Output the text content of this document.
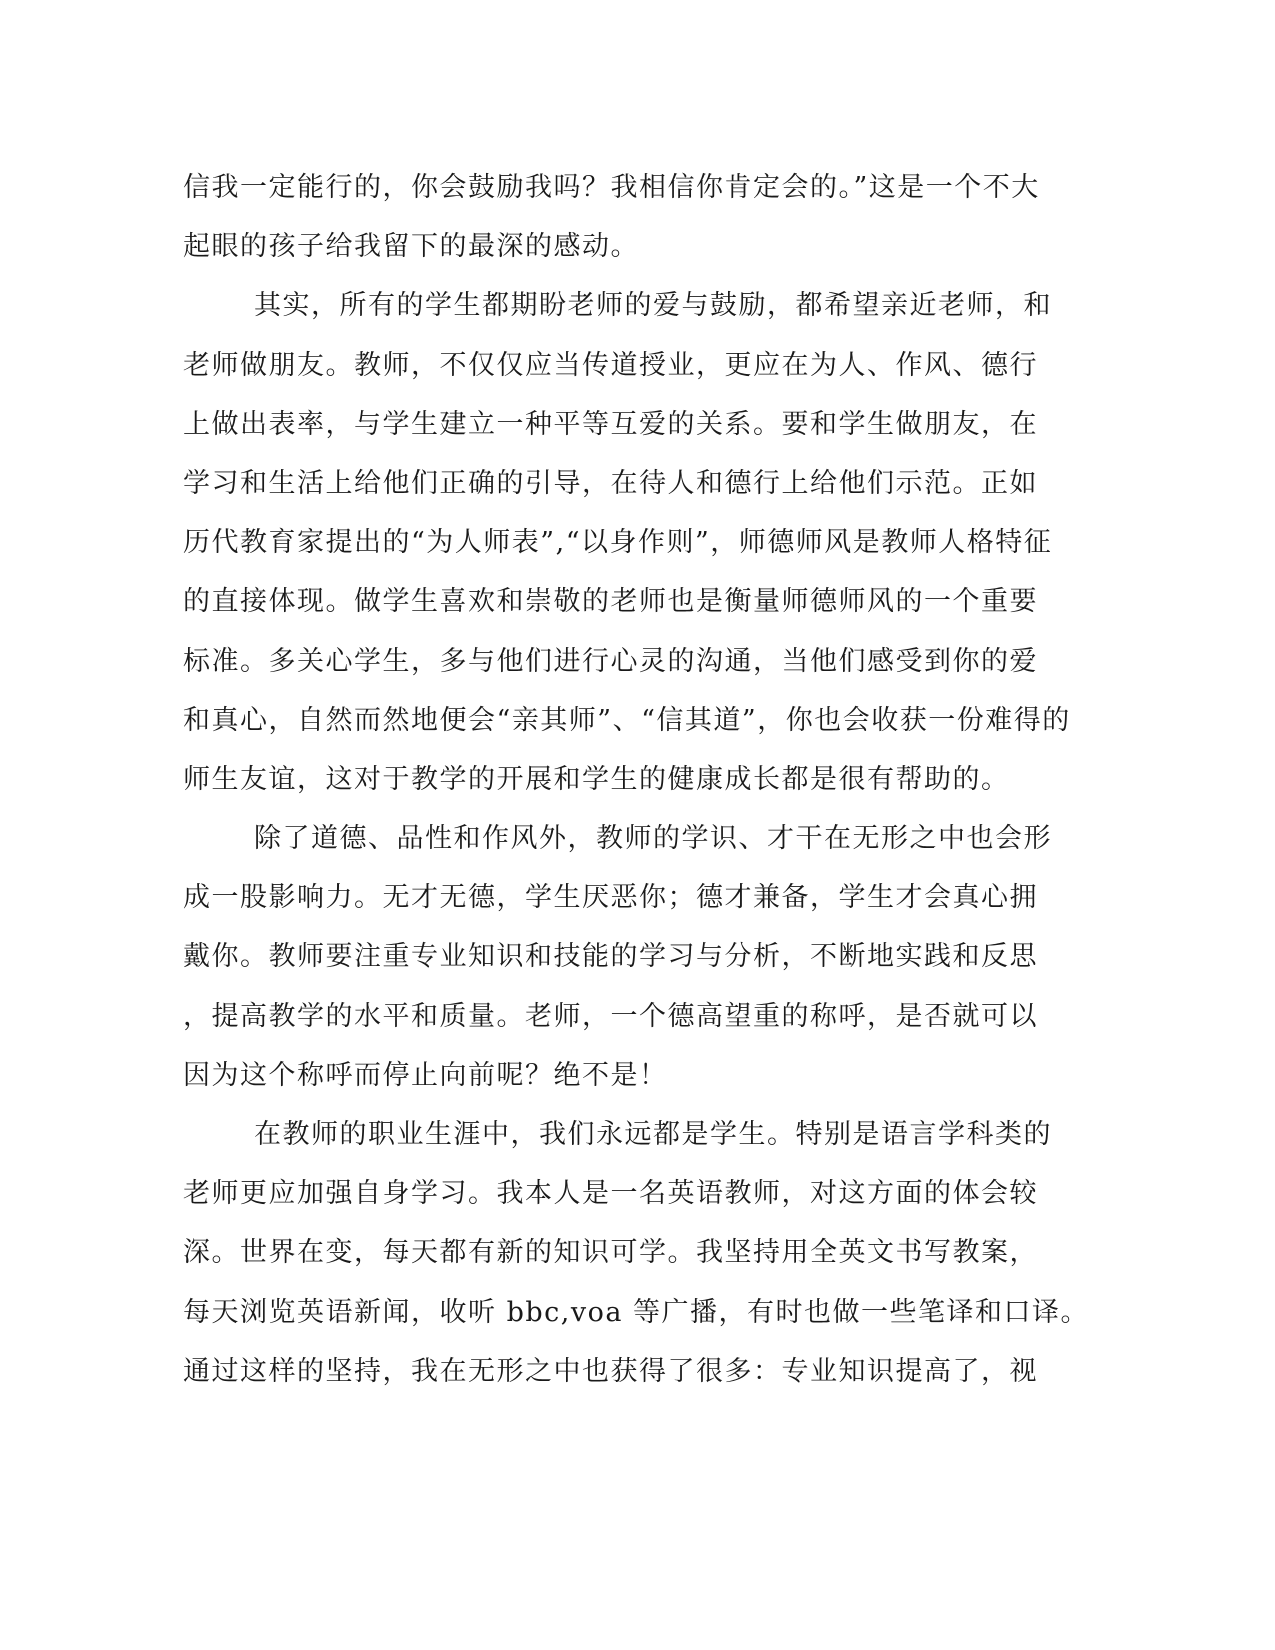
信我一定能行的，你会鼓励我吗？我相信你肯定会的。”这是一个不大
起眼的孩子给我留下的最深的感动。
其实，所有的学生都期盼老师的爱与鼓励，都希望亲近老师，和
老师做朋友。教师，不仅仅应当传道授业，更应在为人、作风、德行
上做出表率，与学生建立一种平等互爱的关系。要和学生做朋友，在
学习和生活上给他们正确的引导，在待人和德行上给他们示范。正如
历代教育家提出的“为人师表”,“以身作则”，师德师风是教师人格特征
的直接体现。做学生喜欢和崇敬的老师也是衡量师德师风的一个重要
标准。多关心学生，多与他们进行心灵的沟通，当他们感受到你的爱
和真心，自然而然地便会“亲其师”、“信其道”，你也会收获一份难得的
师生友谊，这对于教学的开展和学生的健康成长都是很有帮助的。
除了道德、品性和作风外，教师的学识、才干在无形之中也会形
成一股影响力。无才无德，学生厌恶你；德才兼备，学生才会真心拥
戴你。教师要注重专业知识和技能的学习与分析，不断地实践和反思
，提高教学的水平和质量。老师，一个德高望重的称呼，是否就可以
因为这个称呼而停止向前呢？绝不是！
在教师的职业生涯中，我们永远都是学生。特别是语言学科类的
老师更应加强自身学习。我本人是一名英语教师，对这方面的体会较
深。世界在变，每天都有新的知识可学。我坚持用全英文书写教案，
每天浏览英语新闻，收听 bbc,voa 等广播，有时也做一些笔译和口译。
通过这样的坚持，我在无形之中也获得了很多：专业知识提高了，视
